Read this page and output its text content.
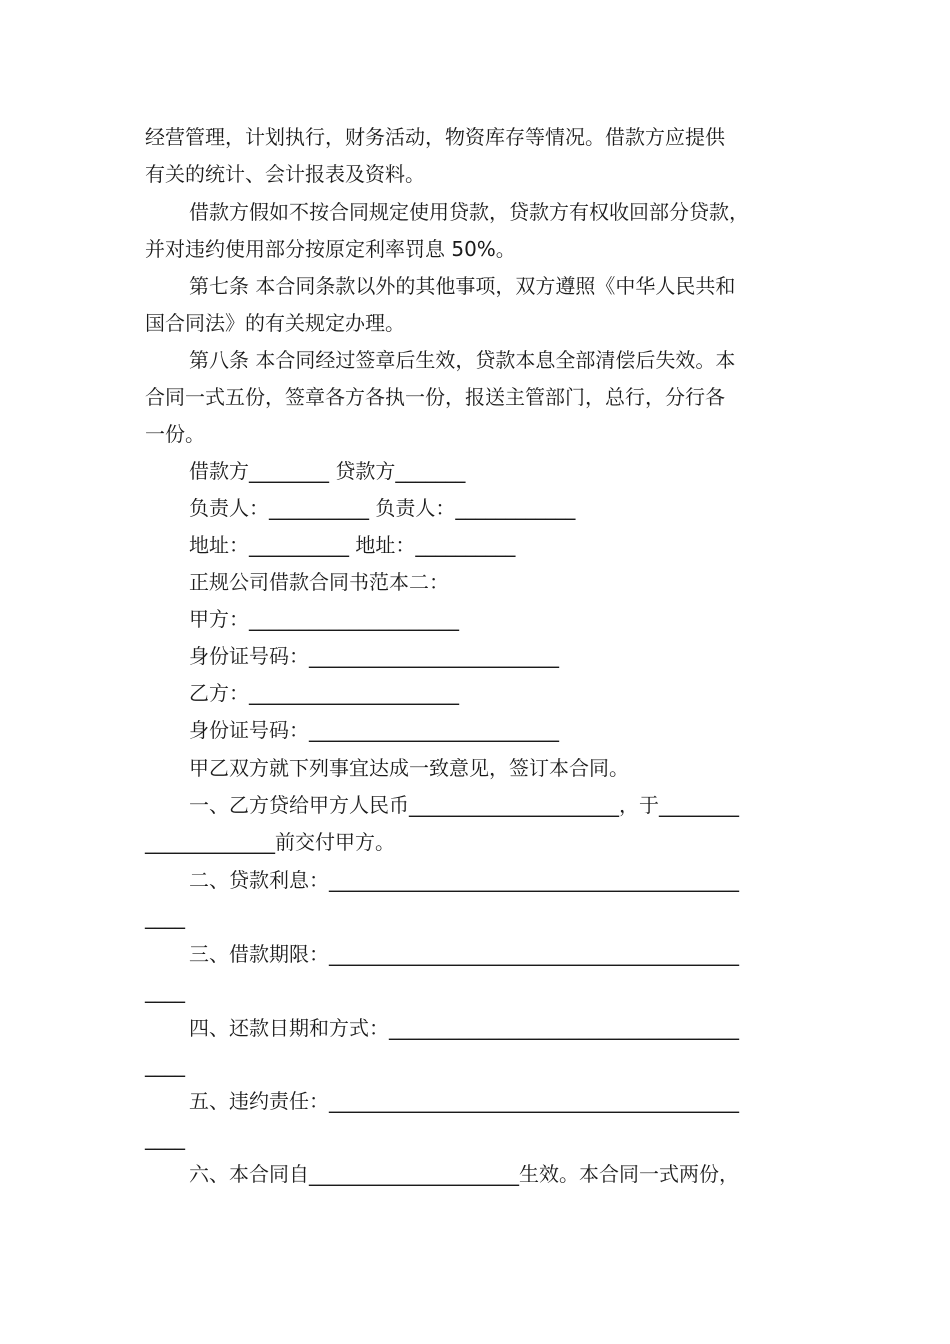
经营管理，计划执行，财务活动，物资库存等情况。借款方应提供
有关的统计、会计报表及资料。
借款方假如不按合同规定使用贷款，贷款方有权收回部分贷款，
并对违约使用部分按原定利率罚息 50%。
第七条 本合同条款以外的其他事项，双方遵照《中华人民共和
国合同法》的有关规定办理。
第八条 本合同经过签章后生效，贷款本息全部清偿后失效。本
合同一式五份，签章各方各执一份，报送主管部门，总行，分行各
一份。
借款方________ 贷款方_______
负责人：__________ 负责人：____________
地址：__________ 地址：__________
正规公司借款合同书范本二：
甲方：_____________________
身份证号码：_________________________
乙方：_____________________
身份证号码：_________________________
甲乙双方就下列事宜达成一致意见，签订本合同。
一、乙方贷给甲方人民币_____________________，于________
_____________前交付甲方。
二、贷款利息：_________________________________________
____
三、借款期限：_________________________________________
____
四、还款日期和方式：___________________________________
____
五、违约责任：_________________________________________
____
六、本合同自_____________________生效。本合同一式两份，
